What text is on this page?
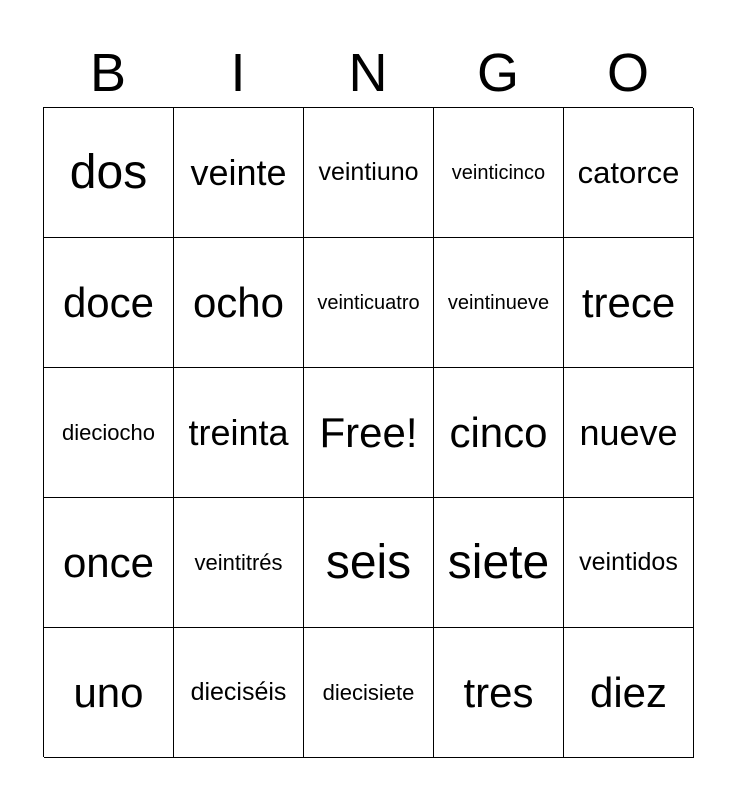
B	I	N	G	O
dos	veinte	veintiuno	veinticinco	catorce
doce ocho	veinticuatro	veintinueve trece
dieciocho treinta Free! cinco nueve
once	veintitrés seis siete	veintidos
uno	dieciséis	diecisiete	tres	diez
